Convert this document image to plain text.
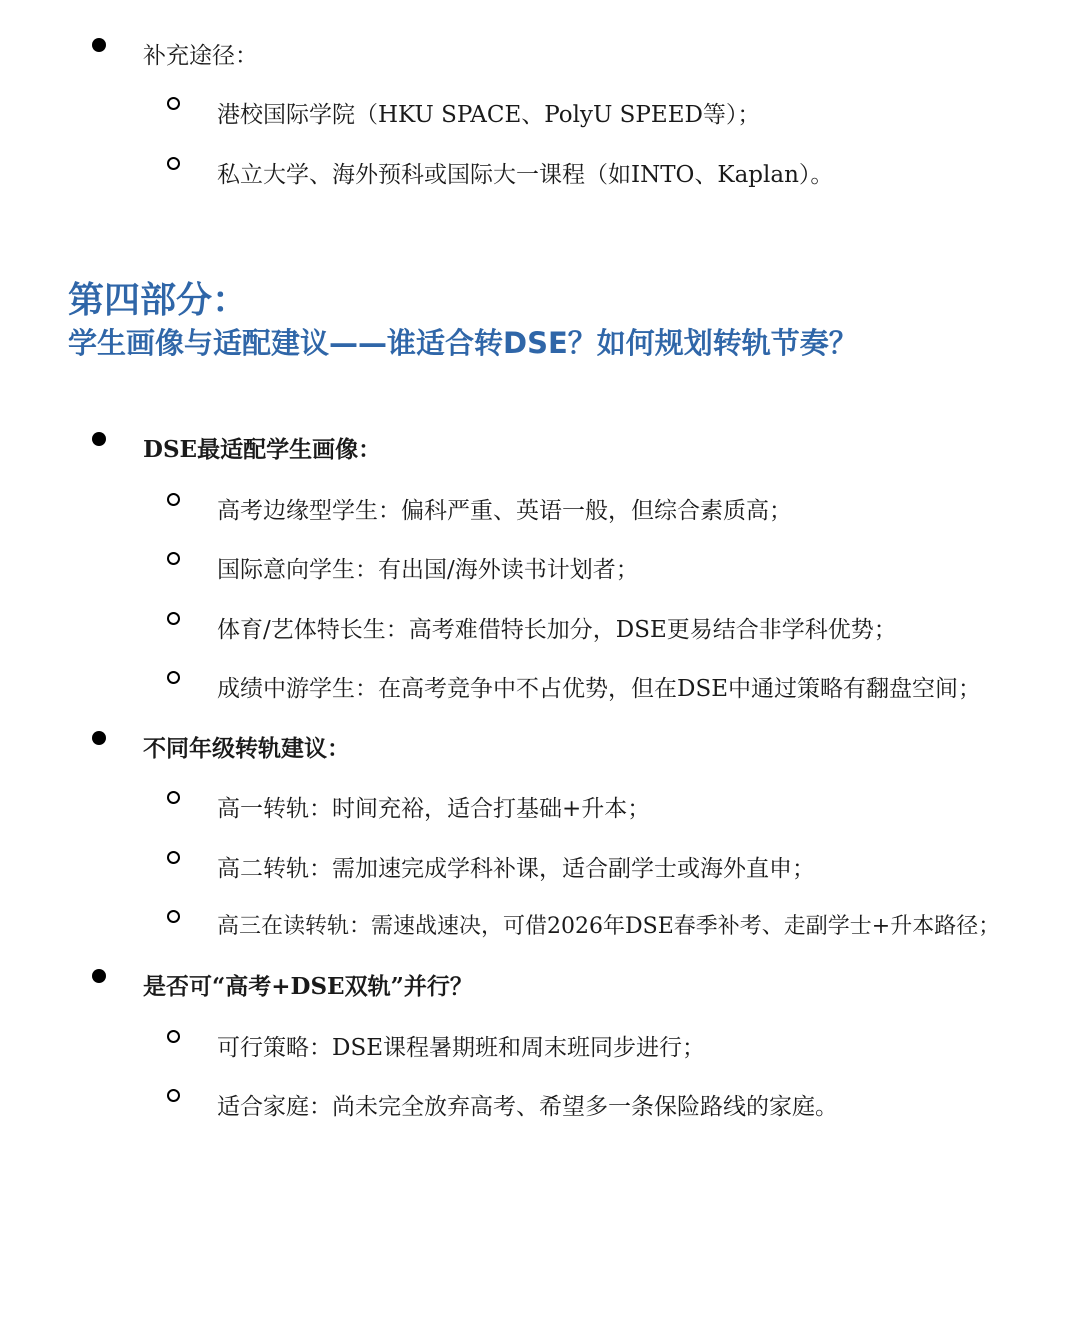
补充途径：
港校国际学院（HKU SPACE、PolyU SPEED等）；
私立大学、海外预科或国际大一课程（如INTO、Kaplan）。
第四部分：
学生画像与适配建议——谁适合转DSE？如何规划转轨节奏？
DSE最适配学生画像：
高考边缘型学生：偏科严重、英语一般，但综合素质高；
国际意向学生：有出国/海外读书计划者；
体育/艺体特长生：高考难借特长加分，DSE更易结合非学科优势；
成绩中游学生：在高考竞争中不占优势，但在DSE中通过策略有翻盘空间；
不同年级转轨建议：
高一转轨：时间充裕，适合打基础+升本；
高二转轨：需加速完成学科补课，适合副学士或海外直申；
高三在读转轨：需速战速决，可借2026年DSE春季补考、走副学士+升本路径；
是否可“高考+DSE双轨”并行？
可行策略：DSE课程暑期班和周末班同步进行；
适合家庭：尚未完全放弃高考、希望多一条保险路线的家庭。
